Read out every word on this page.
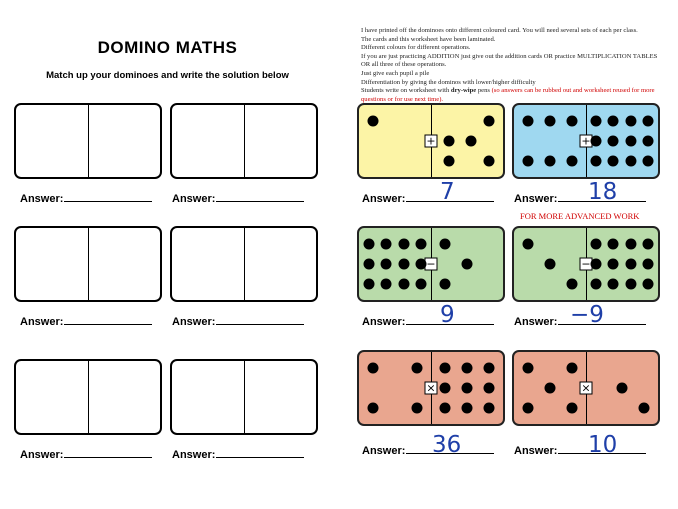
DOMINO MATHS
Match up your dominoes and write the solution below
Answer:	Answer:
Answer:	Answer:
Answer:	Answer:
I have printed off the dominoes onto different coloured card. You will need several sets of each per class.
The cards and this worksheet have been laminated.
Different colours for different operations.
If you are just practicing ADDITION just give out the addition cards OR practice MULTIPLICATION TABLES
OR all three of these operations.
Just give each pupil a pile
Differentiation by giving the dominos with lower/higher difficulty
Students write on worksheet with dry-wipe pens (so answers can be rubbed out and worksheet reused for more questions or for use next time).
+	+
−	−
×	×
FOR MORE ADVANCED WORK
Answer:	Answer:
Answer:	Answer:
Answer:	Answer:
7	18
9	−9
36	10
